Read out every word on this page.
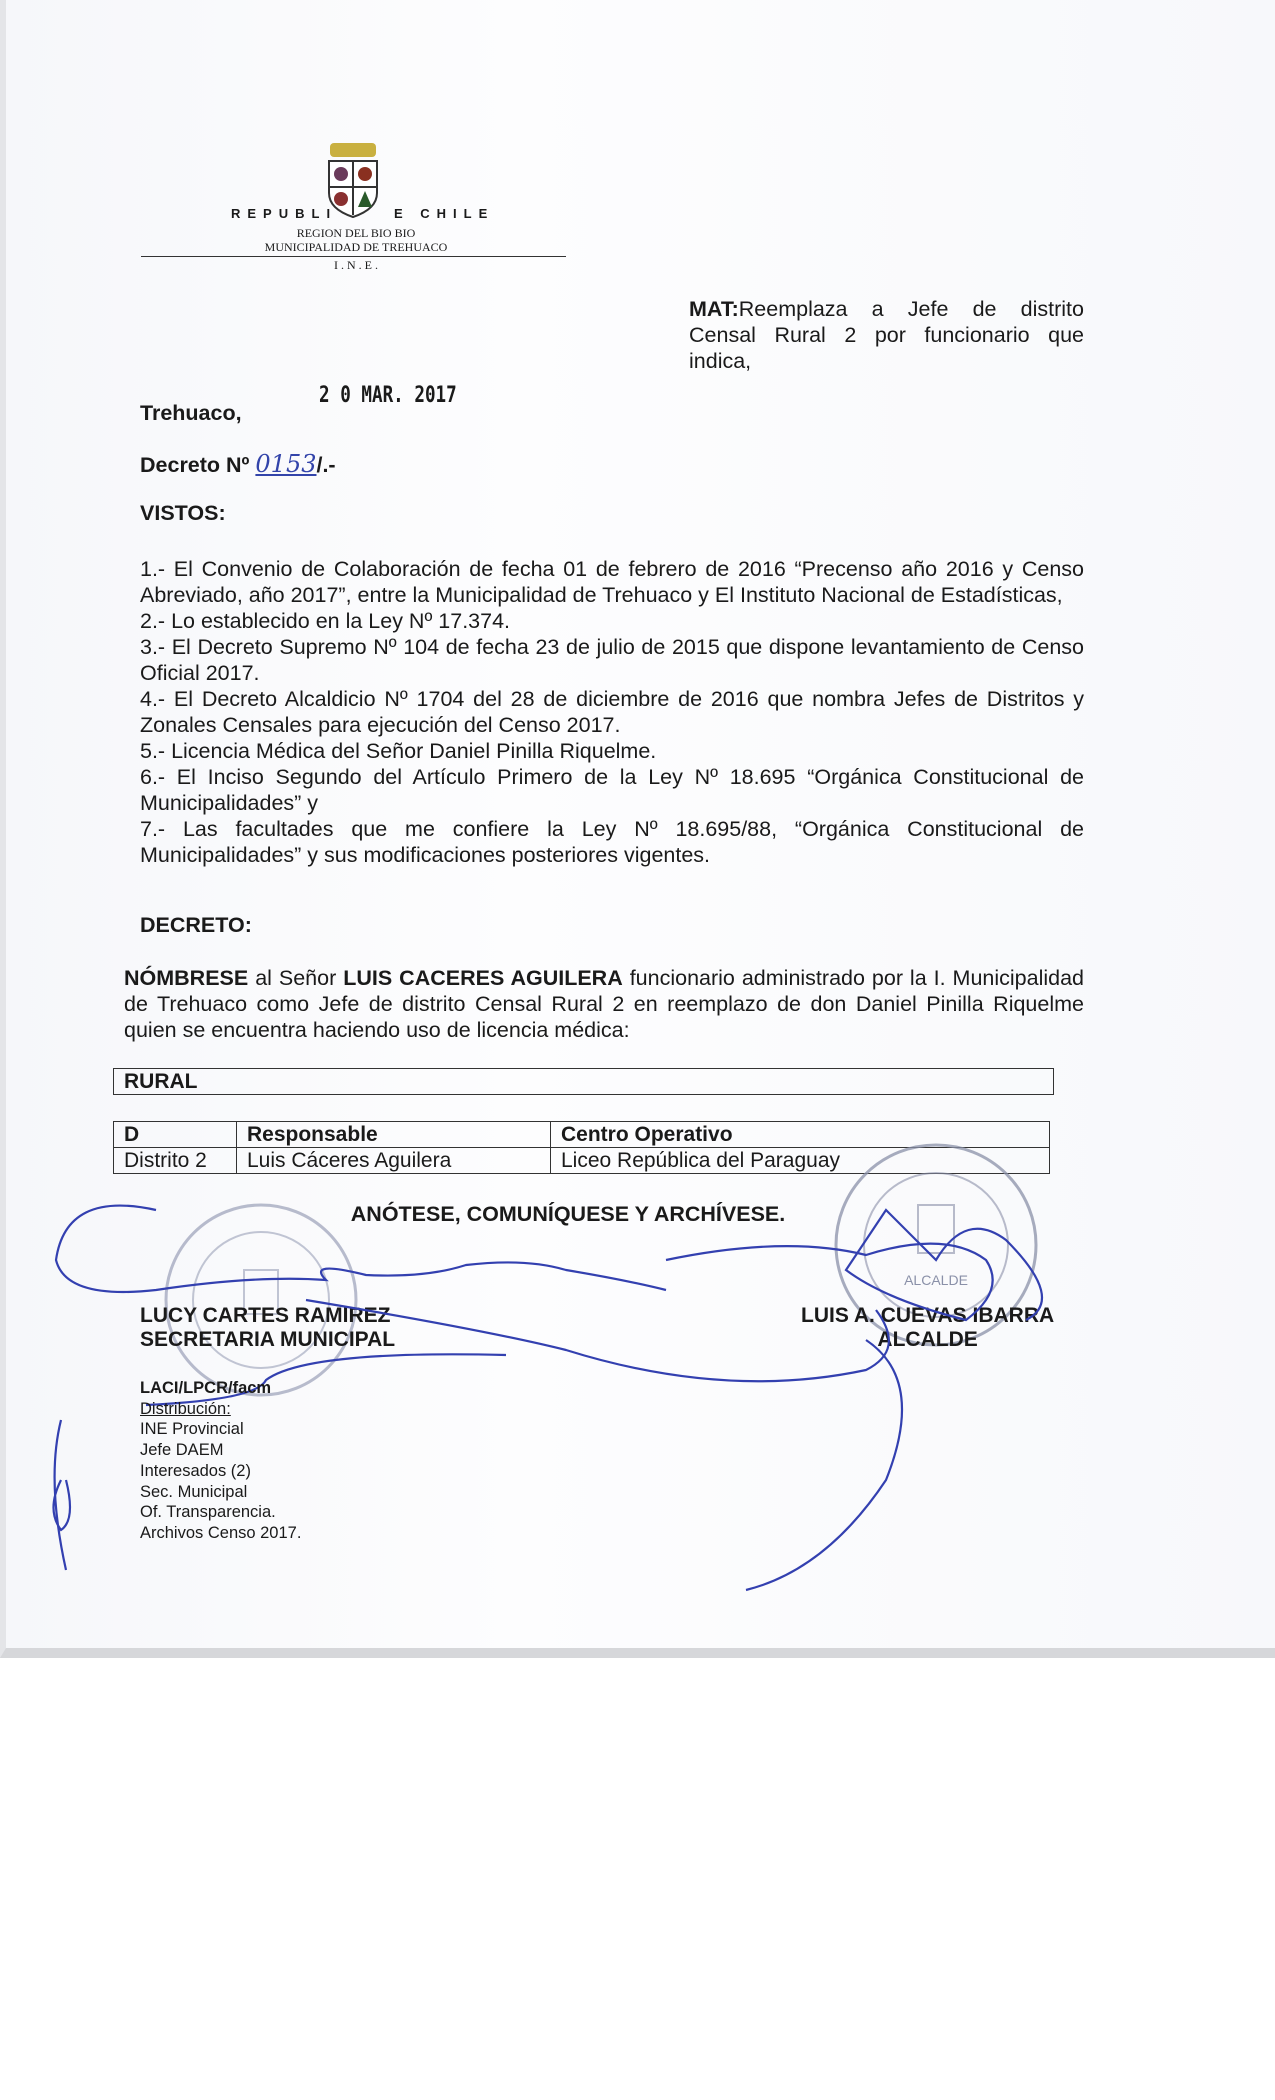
REPUBLI	E CHILE
REGION DEL BIO BIO
MUNICIPALIDAD DE TREHUACO
I . N . E .
MAT:Reemplaza a Jefe de distrito Censal Rural 2 por funcionario que indica,
Trehuaco,
2 0 MAR. 2017
Decreto Nº 0153/.-
VISTOS:
1.- El Convenio de Colaboración de fecha 01 de febrero de 2016 “Precenso año 2016 y Censo Abreviado, año 2017”, entre la Municipalidad de Trehuaco y El Instituto Nacional de Estadísticas,
2.- Lo establecido en la Ley Nº 17.374.
3.- El Decreto Supremo Nº 104 de fecha 23 de julio de 2015 que dispone levantamiento de Censo Oficial 2017.
4.- El Decreto Alcaldicio Nº 1704 del 28 de diciembre de 2016 que nombra Jefes de Distritos y Zonales Censales para ejecución del Censo 2017.
5.- Licencia Médica del Señor Daniel Pinilla Riquelme.
6.- El Inciso Segundo del Artículo Primero de la Ley Nº 18.695 “Orgánica Constitucional de Municipalidades” y
7.- Las facultades que me confiere la Ley Nº 18.695/88, “Orgánica Constitucional de Municipalidades” y sus modificaciones posteriores vigentes.
DECRETO:
NÓMBRESE al Señor LUIS CACERES AGUILERA funcionario administrado por la I. Municipalidad de Trehuaco como Jefe de distrito Censal Rural 2 en reemplazo de don Daniel Pinilla Riquelme quien se encuentra haciendo uso de licencia médica:
RURAL
D	Responsable	Centro Operativo
Distrito 2	Luis Cáceres Aguilera	Liceo República del Paraguay
ANÓTESE, COMUNÍQUESE Y ARCHÍVESE.
ALCALDE
LUCY CARTES RAMIREZ
SECRETARIA MUNICIPAL
LUIS A. CUEVAS IBARRA
ALCALDE
LACI/LPCR/facm
Distribución:
INE Provincial
Jefe DAEM
Interesados (2)
Sec. Municipal
Of. Transparencia.
Archivos Censo 2017.
